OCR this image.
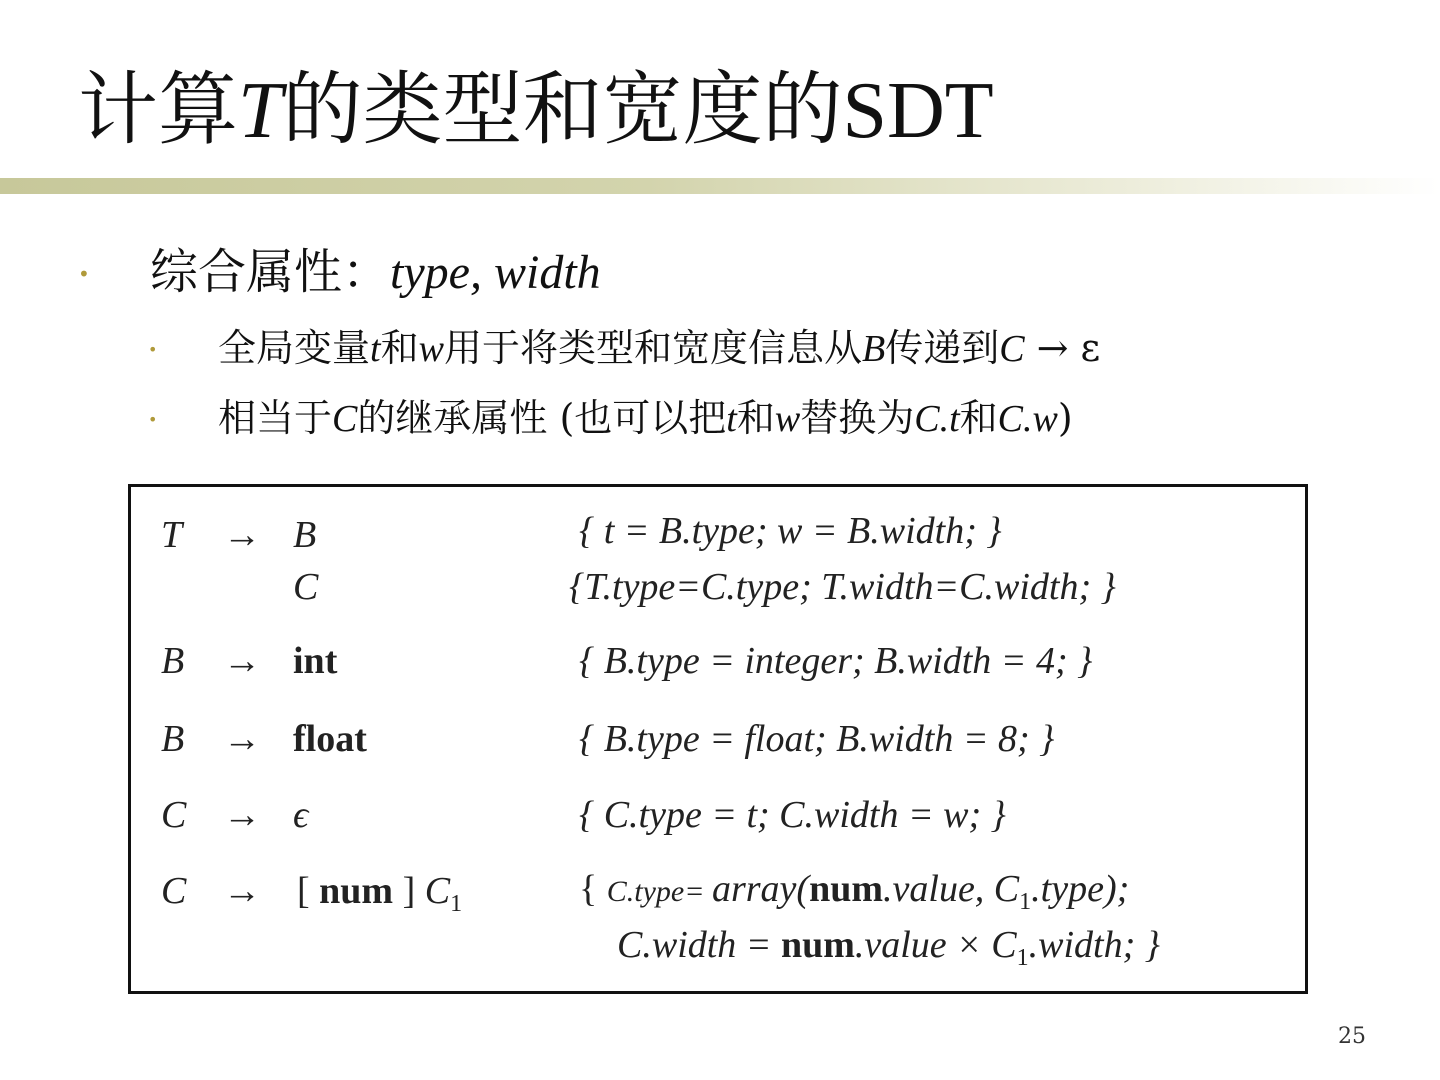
计算T的类型和宽度的SDT
• 综合属性：type, width
• 全局变量t和w用于将类型和宽度信息从B传递到C → ε
• 相当于C的继承属性 (也可以把t和w替换为C.t和C.w)
T → B	{ t = B.type; w = B.width; }
C	{T.type=C.type; T.width=C.width; }
B → int	{ B.type = integer; B.width = 4; }
B → float	{ B.type = float; B.width = 8; }
C → ϵ	{ C.type = t; C.width = w; }
C → [ num ] $C_1$	{ C.type= array(num.value, $C_1.type$);
C.width = num.value × $C_1.width$; }
25
